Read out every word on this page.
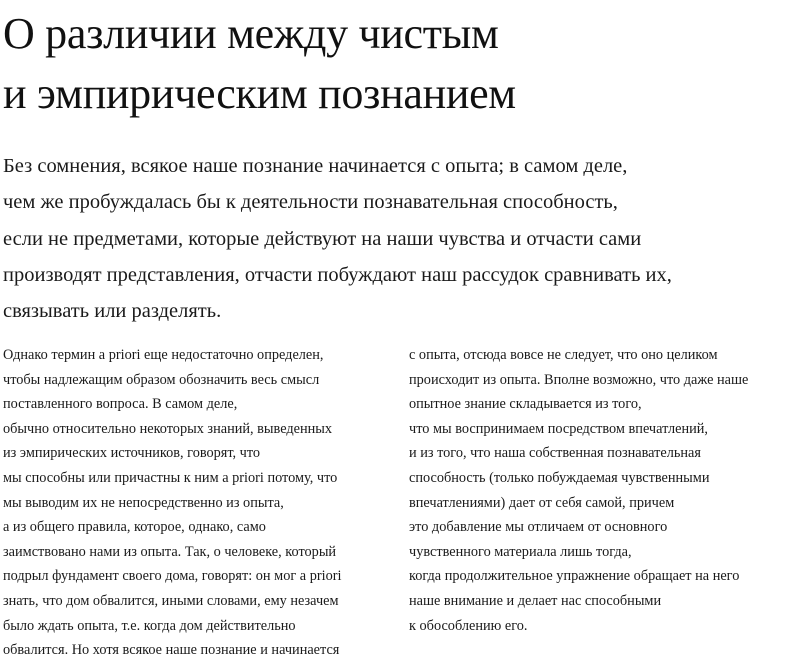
О различии между чистым
и эмпирическим познанием

Без сомнения, всякое наше познание начинается с опыта; в самом деле,
чем же пробуждалась бы к деятельности познавательная способность,
если не предметами, которые действуют на наши чувства и отчасти сами
производят представления, отчасти побуждают наш рассудок сравнивать их,
связывать или разделять.

Однако термин a priori еще недостаточно определен,
чтобы надлежащим образом обозначить весь смысл
поставленного вопроса. В самом деле,
обычно относительно некоторых знаний, выведенных
из эмпирических источников, говорят, что
мы способны или причастны к ним a priori потому, что
мы выводим их не непосредственно из опыта,
а из общего правила, которое, однако, само
заимствовано нами из опыта. Так, о человеке, который
подрыл фундамент своего дома, говорят: он мог a priori
знать, что дом обвалится, иными словами, ему незачем
было ждать опыта, т.е. когда дом действительно
обвалится. Но хотя всякое наше познание и начинается

с опыта, отсюда вовсе не следует, что оно целиком
происходит из опыта. Вполне возможно, что даже наше
опытное знание складывается из того,
что мы воспринимаем посредством впечатлений,
и из того, что наша собственная познавательная
способность (только побуждаемая чувственными
впечатлениями) дает от себя самой, причем
это добавление мы отличаем от основного
чувственного материала лишь тогда,
когда продолжительное упражнение обращает на него
наше внимание и делает нас способными
к обособлению его.
